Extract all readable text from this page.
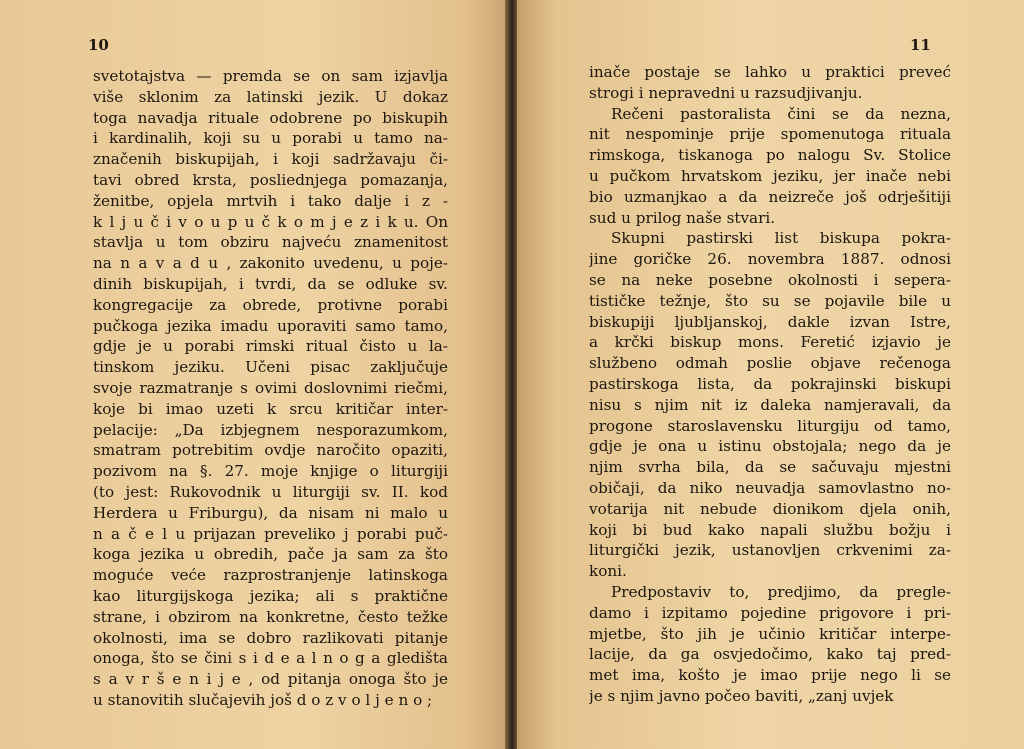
10
svetotajstva — premda se on sam izjavlja
više sklonim za latinski jezik. U dokaz
toga navadja rituale odobrene po biskupih
i kardinalih, koji su u porabi u tamo na-
značenih biskupijah, i koji sadržavaju či-
tavi obred krsta, posliednjega pomazanja,
ženitbe, opjela mrtvih i tako dalje i z -
k l j u č i v o u p u č k o m j e z i k u. On
stavlja u tom obziru najveću znamenitost
na n a v a d u , zakonito uvedenu, u poje-
dinih biskupijah, i tvrdi, da se odluke sv.
kongregacije za obrede, protivne porabi
pučkoga jezika imadu uporaviti samo tamo,
gdje je u porabi rimski ritual čisto u la-
tinskom jeziku. Učeni pisac zaključuje
svoje razmatranje s ovimi doslovnimi riečmi,
koje bi imao uzeti k srcu kritičar inter-
pelacije: „Da izbjegnem nesporazumkom,
smatram potrebitim ovdje naročito opaziti,
pozivom na §. 27. moje knjige o liturgiji
(to jest: Rukovodnik u liturgiji sv. II. kod
Herdera u Friburgu), da nisam ni malo u
n a č e l u prijazan preveliko j porabi puč-
koga jezika u obredih, pače ja sam za što
moguće veće razprostranjenje latinskoga
kao liturgijskoga jezika; ali s praktične
strane, i obzirom na konkretne, često težke
okolnosti, ima se dobro razlikovati pitanje
onoga, što se čini s i d e a l n o g a gledišta
s a v r š e n i j e , od pitanja onoga što je
u stanovitih slučajevih još d o z v o l j e n o ;
11
inače postaje se lahko u praktici preveć
strogi i nepravedni u razsudjivanju.
Rečeni pastoralista čini se da nezna,
nit nespominje prije spomenutoga rituala
rimskoga, tiskanoga po nalogu Sv. Stolice
u pučkom hrvatskom jeziku, jer inače nebi
bio uzmanjkao a da neizreče još odrješitiji
sud u prilog naše stvari.
Skupni pastirski list biskupa pokra-
jine goričke 26. novembra 1887. odnosi
se na neke posebne okolnosti i seperа-
tističke težnje, što su se pojavile bile u
biskupiji ljubljanskoj, dakle izvan Istre,
a krčki biskup mons. Feretić izjavio je
službeno odmah poslie objave rečenoga
pastirskoga lista, da pokrajinski biskupi
nisu s njim nit iz daleka namjeravali, da
progone staroslavensku liturgiju od tamo,
gdje je ona u istinu obstojala; nego da je
njim svrha bila, da se sačuvaju mjestni
običaji, da niko neuvadja samovlastno no-
votarija nit nebude dionikom djela onih,
koji bi bud kako napali službu božju i
liturgički jezik, ustanovljen crkvenimi za-
koni.
Predpostaviv to, predjimo, da pregle-
damo i izpitamo pojedine prigovore i pri-
mjetbe, što jih je učinio kritičar interpe-
lacije, da ga osvjedočimo, kako taj pred-
met ima, košto je imao prije nego li se
je s njim javno počeo baviti, „zanj uvjek
